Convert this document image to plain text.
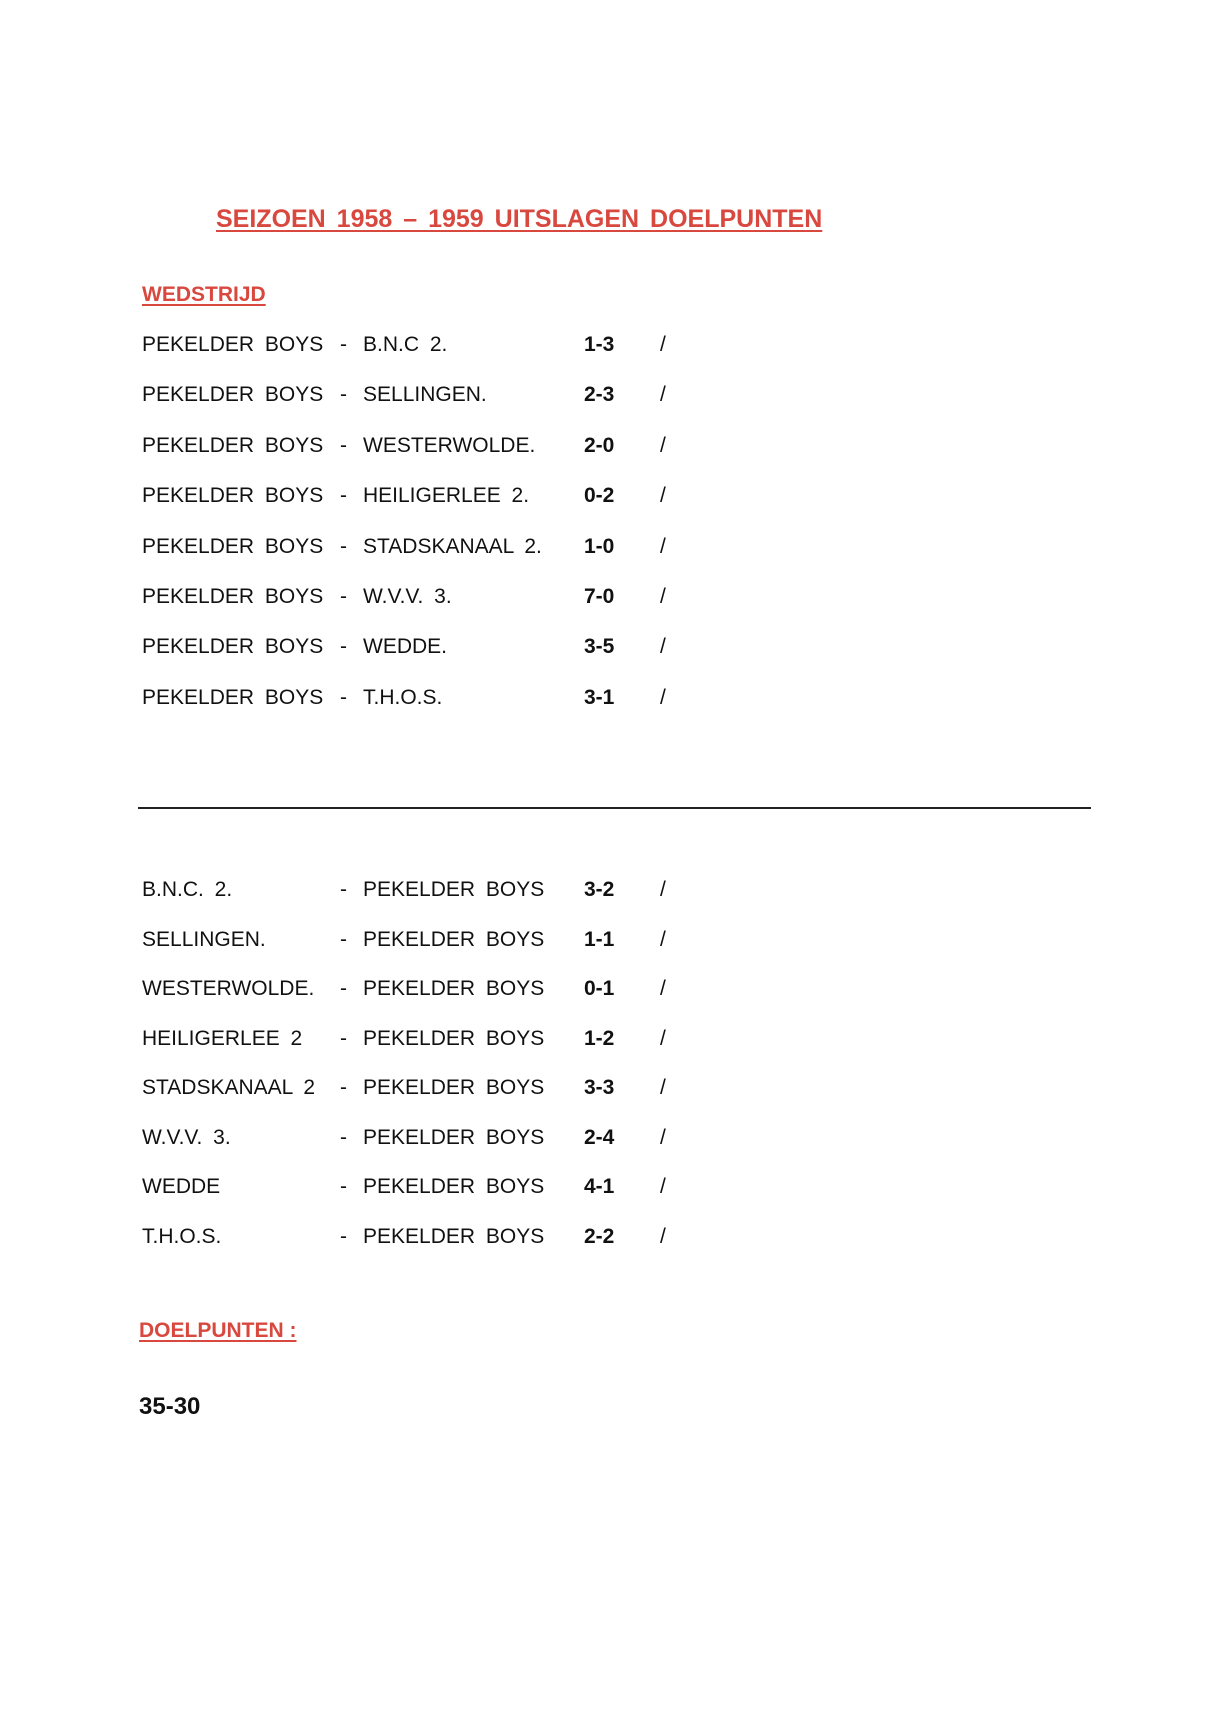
SEIZOEN 1958 – 1959 UITSLAGEN DOELPUNTEN
WEDSTRIJD
PEKELDER BOYS - B.N.C 2.	1-3 /
PEKELDER BOYS - SELLINGEN.	2-3 /
PEKELDER BOYS - WESTERWOLDE. 2-0 /
PEKELDER BOYS - HEILIGERLEE 2.	0-2 /
PEKELDER BOYS - STADSKANAAL 2. 1-0 /
PEKELDER BOYS - W.V.V. 3.	7-0 /
PEKELDER BOYS - WEDDE.	3-5 /
PEKELDER BOYS - T.H.O.S.	3-1 /
B.N.C. 2.	- PEKELDER BOYS 3-2 /
SELLINGEN.	- PEKELDER BOYS 1-1 /
WESTERWOLDE. - PEKELDER BOYS 0-1 /
HEILIGERLEE 2 - PEKELDER BOYS 1-2 /
STADSKANAAL 2 - PEKELDER BOYS 3-3 /
W.V.V. 3.	- PEKELDER BOYS 2-4 /
WEDDE	- PEKELDER BOYS 4-1 /
T.H.O.S.	- PEKELDER BOYS 2-2 /
DOELPUNTEN :
35-30
